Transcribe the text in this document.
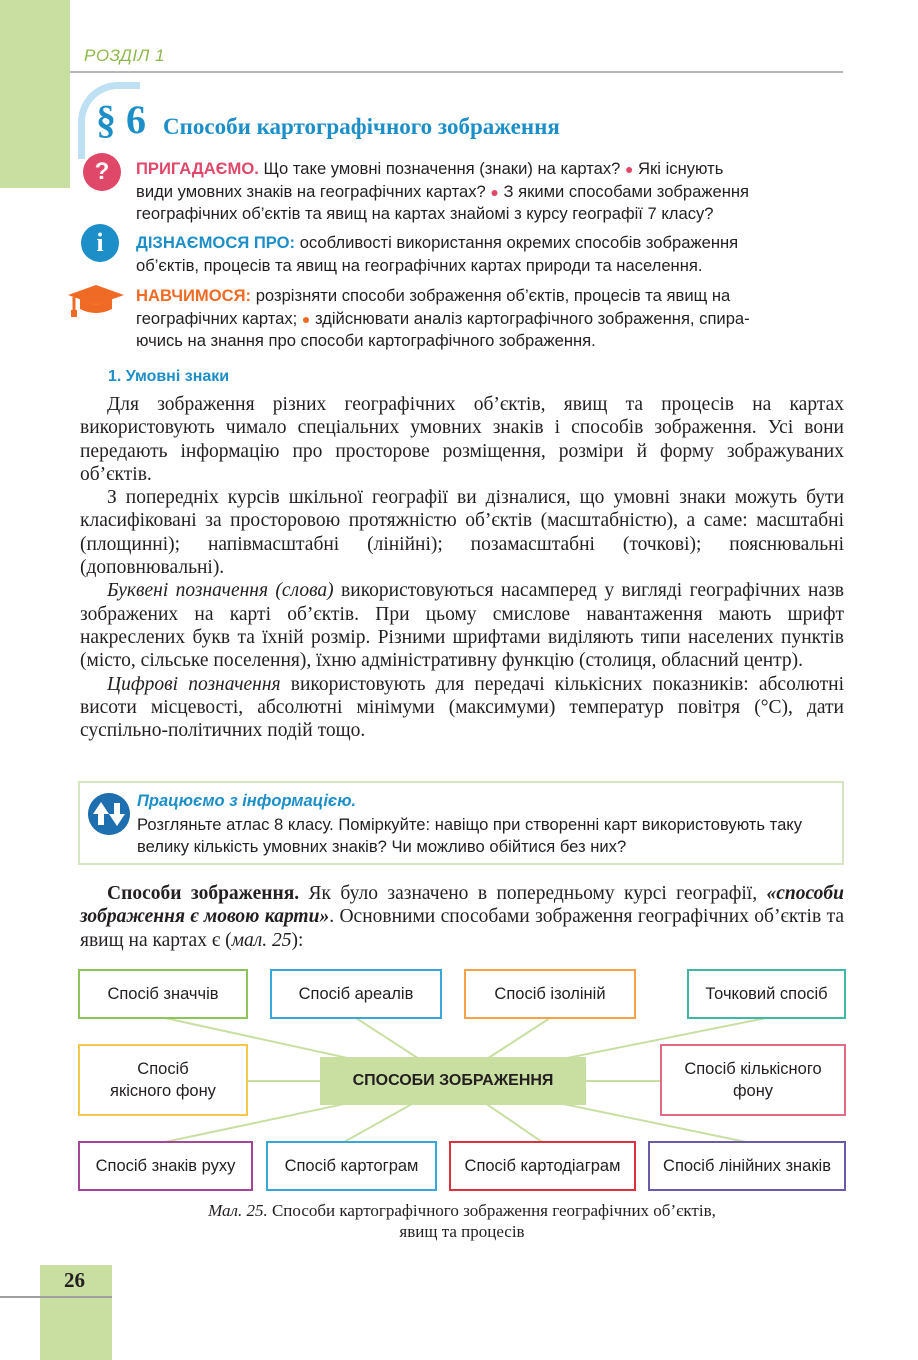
РОЗДІЛ 1
§ 6 Способи картографічного зображення
?	ПРИГАДАЄМО. Що таке умовні позначення (знаки) на картах? ● Які існують
види умовних знаків на географічних картах? ● З якими способами зображення
географічних об’єктів та явищ на картах знайомі з курсу географії 7 класу?
i	ДІЗНАЄМОСЯ ПРО: особливості використання окремих способів зображення
об’єктів, процесів та явищ на географічних картах природи та населення.
НАВЧИМОСЯ: розрізняти способи зображення об’єктів, процесів та явищ на
географічних картах; ● здійснювати аналіз картографічного зображення, спира-
ючись на знання про способи картографічного зображення.
1. Умовні знаки

Для зображення різних географічних об’єктів, явищ та процесів на картах використовують чимало спеціальних умовних знаків і способів зображення. Усі вони передають інформацію про просторове розміщення, розміри й форму зображуваних об’єктів.

З попередніх курсів шкільної географії ви дізналися, що умовні знаки можуть бути класифіковані за просторовою протяжністю об’єктів (масштабністю), а саме: масштабні (площинні); напівмасштабні (лінійні); позамасштабні (точкові); пояснювальні (доповнювальні).

Буквені позначення (слова) використовуються насамперед у вигляді географічних назв зображених на карті об’єктів. При цьому смислове навантаження мають шрифт накреслених букв та їхній розмір. Різними шрифтами виділяють типи населених пунктів (місто, сільське поселення), їхню адміністративну функцію (столиця, обласний центр).

Цифрові позначення використовують для передачі кількісних показників: абсолютні висоти місцевості, абсолютні мінімуми (максимуми) температур повітря (°C), дати суспільно-політичних подій тощо.

Працюємо з інформацією.
Розгляньте атлас 8 класу. Поміркуйте: навіщо при створенні карт використовують таку велику кількість умовних знаків? Чи можливо обійтися без них?

Способи зображення. Як було зазначено в попередньому курсі географії, «способи зображення є мовою карти». Основними способами зображення географічних об’єктів та явищ на картах є (мал. 25):

Спосіб значчів	Спосіб ареалів	Спосіб ізоліній	Точковий спосіб
Спосіб якісного фону
Спосіб кількісного фону
Спосіб знаків руху	Спосіб картограм	Спосіб картодіаграм	Спосіб лінійних знаків
СПОСОБИ ЗОБРАЖЕННЯ
Мал. 25. Способи картографічного зображення географічних об’єктів,
явищ та процесів
26
